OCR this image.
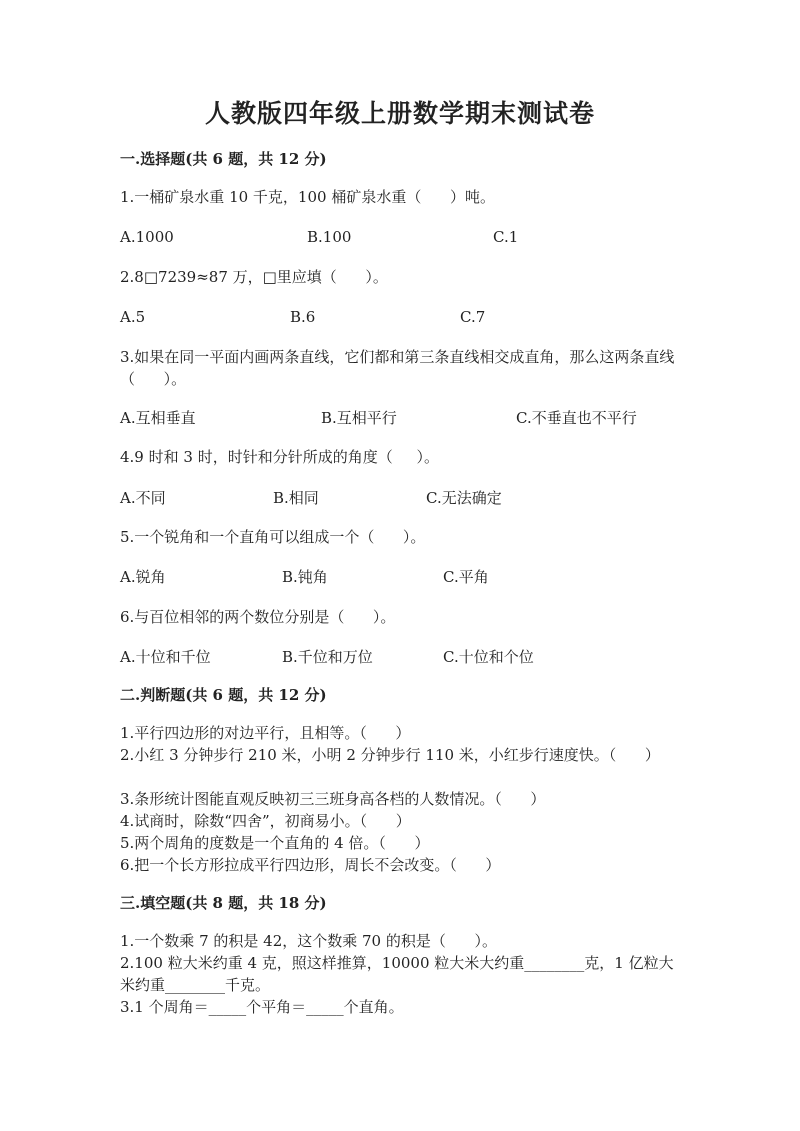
人教版四年级上册数学期末测试卷
一.选择题(共 6 题，共 12 分)
1.一桶矿泉水重 10 千克，100 桶矿泉水重（      ）吨。
A.1000	B.100	C.1
2.8□7239≈87 万，□里应填（      ）。
A.5	B.6	C.7
3.如果在同一平面内画两条直线，它们都和第三条直线相交成直角，那么这两条直线（      ）。
A.互相垂直	B.互相平行	C.不垂直也不平行
4.9 时和 3 时，时针和分针所成的角度（     ）。
A.不同	B.相同	C.无法确定
5.一个锐角和一个直角可以组成一个（      ）。
A.锐角	B.钝角	C.平角
6.与百位相邻的两个数位分别是（      ）。
A.十位和千位	B.千位和万位	C.十位和个位
二.判断题(共 6 题，共 12 分)
1.平行四边形的对边平行，且相等。（      ）
2.小红 3 分钟步行 210 米，小明 2 分钟步行 110 米，小红步行速度快。（      ）
3.条形统计图能直观反映初三三班身高各档的人数情况。（      ）
4.试商时，除数“四舍”，初商易小。（      ）
5.两个周角的度数是一个直角的 4 倍。（      ）
6.把一个长方形拉成平行四边形，周长不会改变。（      ）
三.填空题(共 8 题，共 18 分)
1.一个数乘 7 的积是 42，这个数乘 70 的积是（      ）。
2.100 粒大米约重 4 克，照这样推算，10000 粒大米大约重________克，1 亿粒大米约重________千克。
3.1 个周角＝_____个平角＝_____个直角。
